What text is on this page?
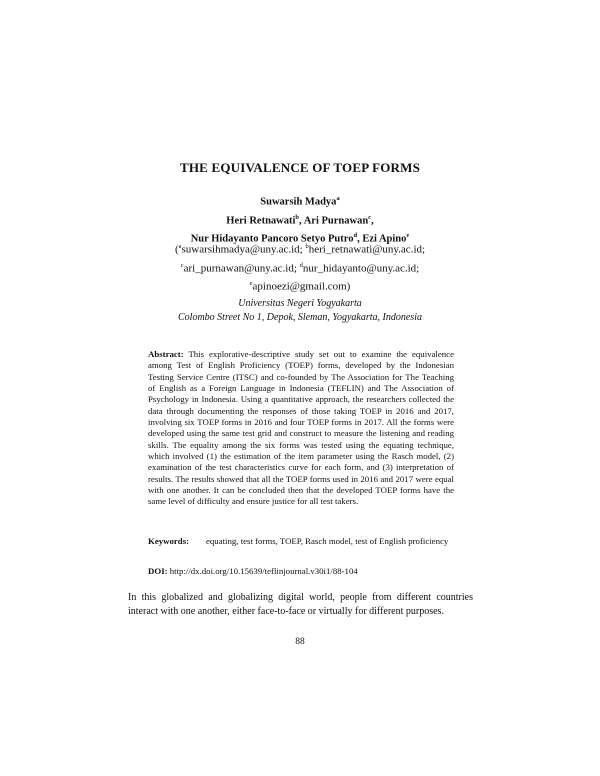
THE EQUIVALENCE OF TOEP FORMS
Suwarsih Madya$^a$
Heri Retnawati$^b$, Ari Purnawan$^c$,
Nur Hidayanto Pancoro Setyo Putro$^d$, Ezi Apino$^e$
($^a$suwarsihmadya@uny.ac.id; $^b$heri_retnawati@uny.ac.id;
$^c$ari_purnawan@uny.ac.id; $^d$nur_hidayanto@uny.ac.id;
$^e$apinoezi@gmail.com)
Universitas Negeri Yogyakarta
Colombo Street No 1, Depok, Sleman, Yogyakarta, Indonesia
Abstract: This explorative-descriptive study set out to examine the equivalence among Test of English Proficiency (TOEP) forms, developed by the Indonesian Testing Service Centre (ITSC) and co-founded by The Association for The Teaching of English as a Foreign Language in Indonesia (TEFLIN) and The Association of Psychology in Indonesia. Using a quantitative approach, the researchers collected the data through documenting the responses of those taking TOEP in 2016 and 2017, involving six TOEP forms in 2016 and four TOEP forms in 2017. All the forms were developed using the same test grid and construct to measure the listening and reading skills. The equality among the six forms was tested using the equating technique, which involved (1) the estimation of the item parameter using the Rasch model, (2) examination of the test characteristics curve for each form, and (3) interpretation of results. The results showed that all the TOEP forms used in 2016 and 2017 were equal with one another. It can be concluded then that the developed TOEP forms have the same level of difficulty and ensure justice for all test takers.
Keywords:	equating, test forms, TOEP, Rasch model, test of English proficiency
DOI: http://dx.doi.org/10.15639/teflinjournal.v30i1/88-104
In this globalized and globalizing digital world, people from different countries interact with one another, either face-to-face or virtually for different purposes.
88
